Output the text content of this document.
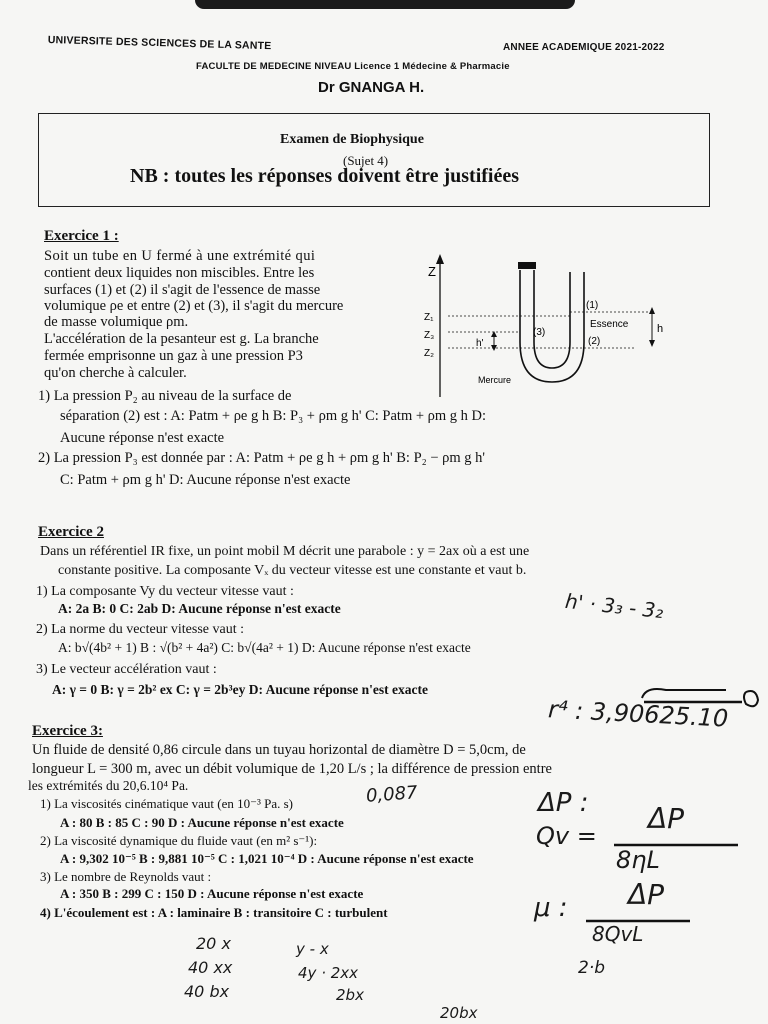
UNIVERSITE DES SCIENCES DE LA SANTE	ANNEE ACADEMIQUE 2021-2022
FACULTE DE MEDECINE NIVEAU Licence 1 Médecine & Pharmacie
Dr GNANGA H.
Examen de Biophysique
(Sujet 4)
NB : toutes les réponses doivent être justifiées
Exercice 1 :
Soit un tube en U fermé à une extrémité qui
contient deux liquides non miscibles. Entre les
surfaces (1) et (2) il s'agit de l'essence de masse
volumique ρe et entre (2) et (3), il s'agit du mercure
de masse volumique ρm.
L'accélération de la pesanteur est g. La branche
fermée emprisonne un gaz à une pression P3
qu'on cherche à calculer.
Z
Z₁
Z₃
Z₂
h'
(1)
(3)
(2)
Essence	h
Mercure
1) La pression P₂ au niveau de la surface de
séparation (2) est : A: Patm + ρe g h B: P₃ + ρm g h' C: Patm + ρm g h D:
Aucune réponse n'est exacte
2) La pression P₃ est donnée par : A: Patm + ρe g h + ρm g h' B: P₂ − ρm g h'
C: Patm + ρm g h' D: Aucune réponse n'est exacte
Exercice 2
Dans un référentiel IR fixe, un point mobil M décrit une parabole : y = 2ax où a est une
constante positive. La composante Vₓ du vecteur vitesse est une constante et vaut b.
1) La composante Vy du vecteur vitesse vaut :
A: 2a B: 0 C: 2ab D: Aucune réponse n'est exacte
2) La norme du vecteur vitesse vaut :
A: b√(4b² + 1) B : √(b² + 4a²) C: b√(4a² + 1) D: Aucune réponse n'est exacte
3) Le vecteur accélération vaut :
A: γ = 0 B: γ = 2b² ex C: γ = 2b³ey D: Aucune réponse n'est exacte
Exercice 3:
Un fluide de densité 0,86 circule dans un tuyau horizontal de diamètre D = 5,0cm, de
longueur L = 300 m, avec un débit volumique de 1,20 L/s ; la différence de pression entre
les extrémités du 20,6.10⁴ Pa.
1) La viscosités cinématique vaut (en 10⁻³ Pa. s)
A : 80 B : 85 C : 90 D : Aucune réponse n'est exacte
2) La viscosité dynamique du fluide vaut (en m² s⁻¹):
A : 9,302 10⁻⁵ B : 9,881 10⁻⁵ C : 1,021 10⁻⁴ D : Aucune réponse n'est exacte
3) Le nombre de Reynolds vaut :
A : 350 B : 299 C : 150 D : Aucune réponse n'est exacte
4) L'écoulement est : A : laminaire B : transitoire C : turbulent
h' · 3₃ - 3₂
r⁴ : 3,90625.10
0,087	ΔP :
Qv =
ΔP
8ηL
μ : ΔP
8QvL
20 x
40 xx
40 bx
y - x
4y · 2xx
2bx
2·b
20bx
